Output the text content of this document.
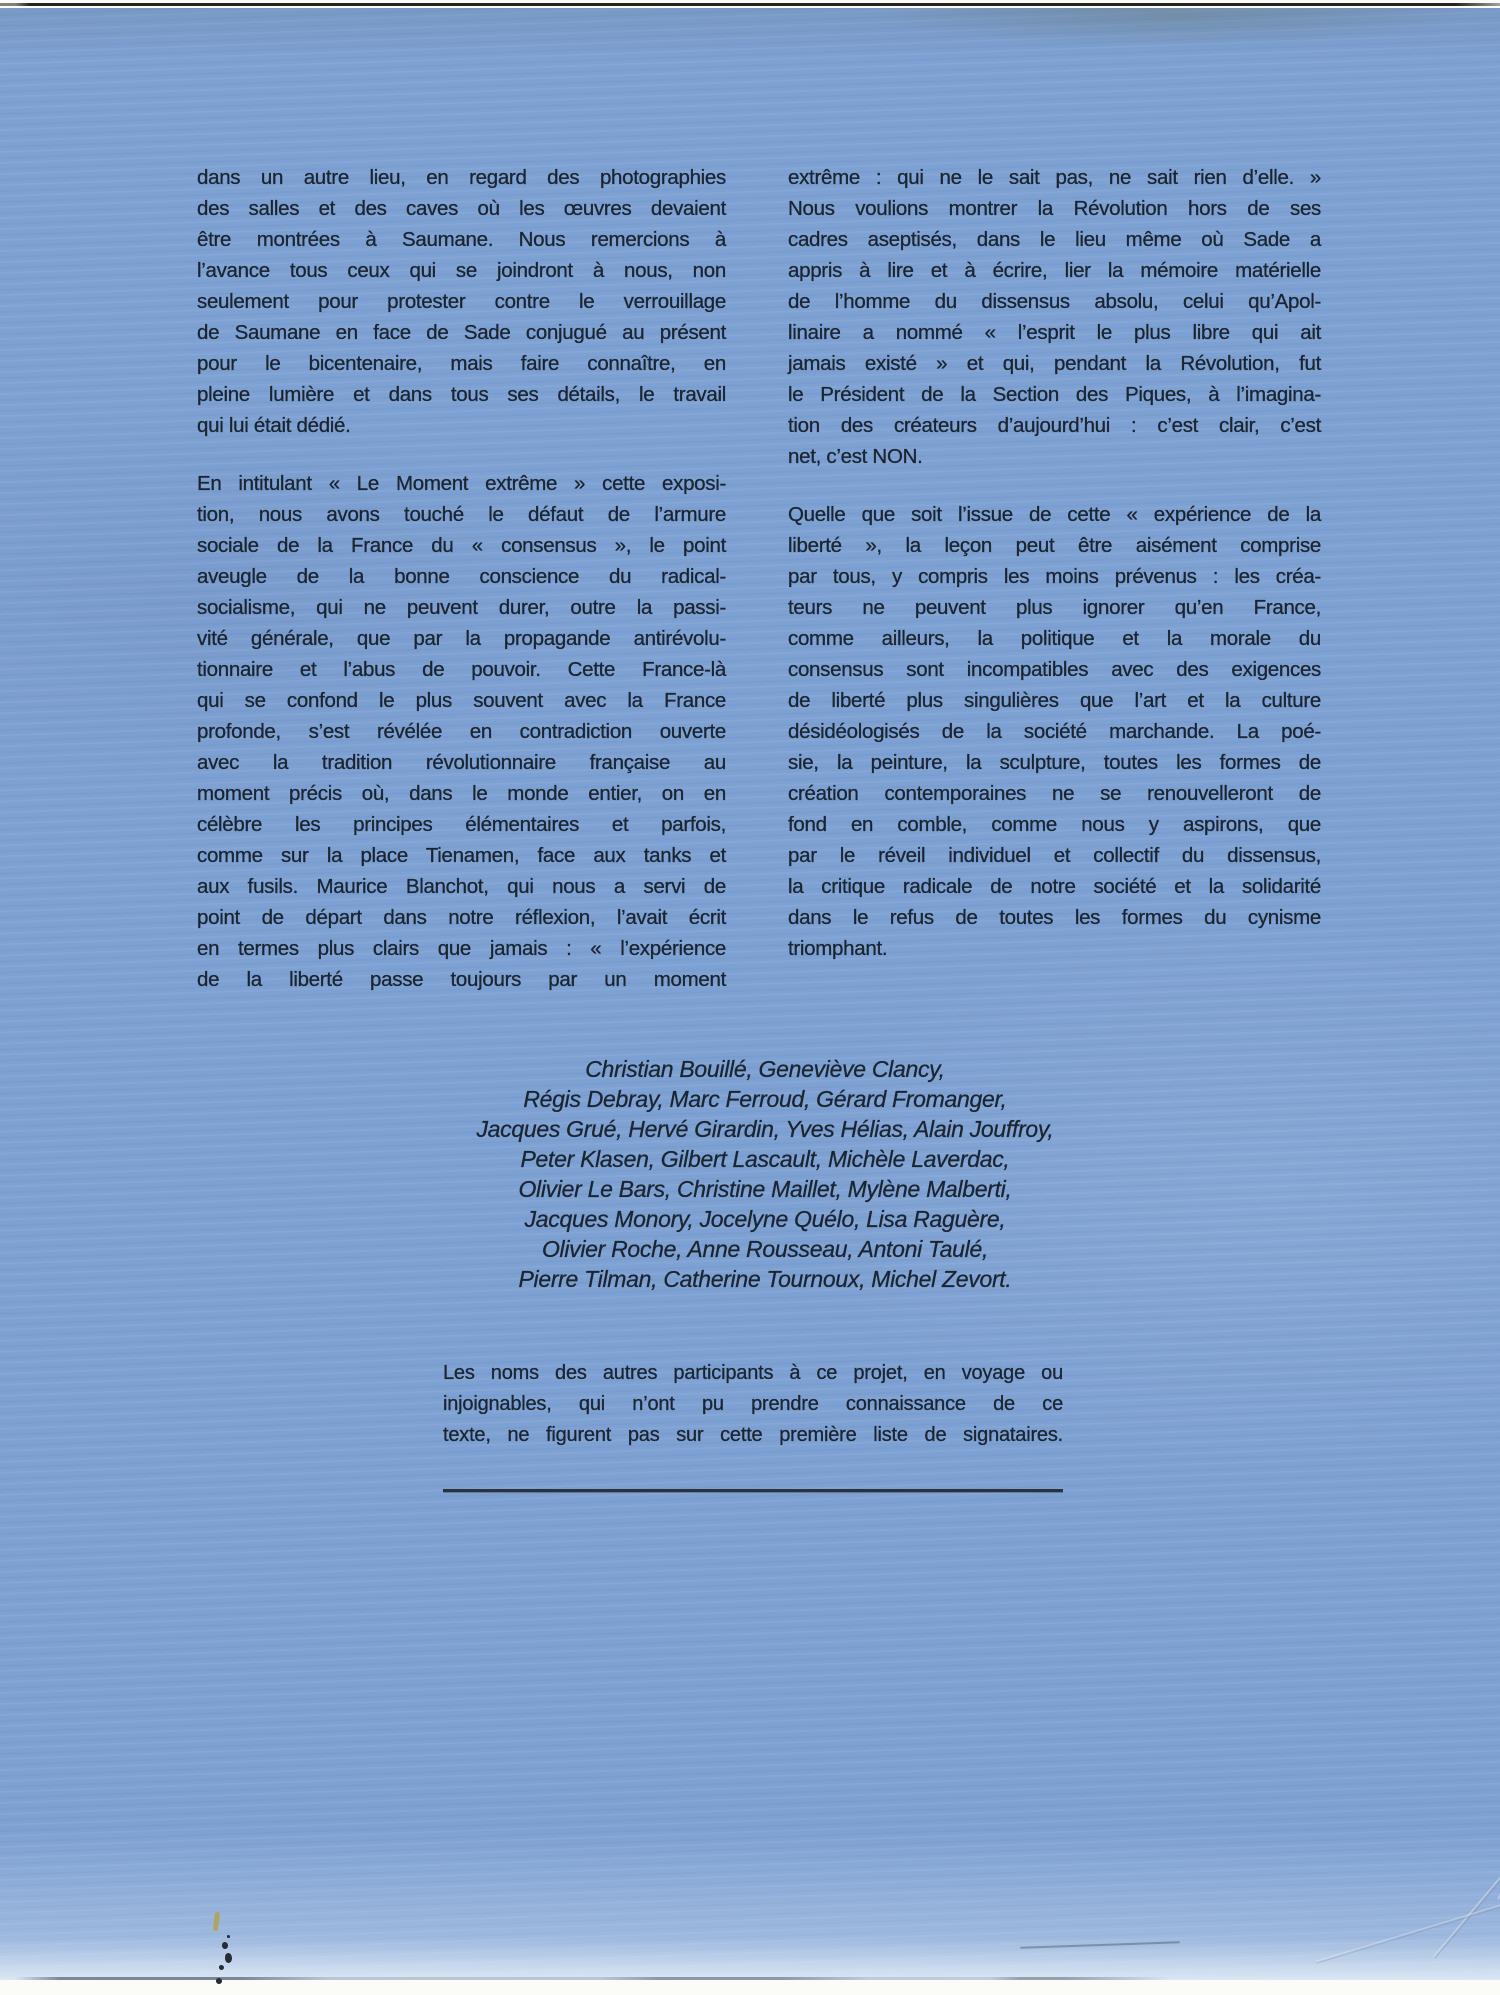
dans un autre lieu, en regard des photographies
des salles et des caves où les œuvres devaient
être montrées à Saumane. Nous remercions à
l’avance tous ceux qui se joindront à nous, non
seulement pour protester contre le verrouillage
de Saumane en face de Sade conjugué au présent
pour le bicentenaire, mais faire connaître, en
pleine lumière et dans tous ses détails, le travail
qui lui était dédié.
En intitulant « Le Moment extrême » cette exposi-
tion, nous avons touché le défaut de l’armure
sociale de la France du « consensus », le point
aveugle de la bonne conscience du radical-
socialisme, qui ne peuvent durer, outre la passi-
vité générale, que par la propagande antirévolu-
tionnaire et l’abus de pouvoir. Cette France-là
qui se confond le plus souvent avec la France
profonde, s’est révélée en contradiction ouverte
avec la tradition révolutionnaire française au
moment précis où, dans le monde entier, on en
célèbre les principes élémentaires et parfois,
comme sur la place Tienamen, face aux tanks et
aux fusils. Maurice Blanchot, qui nous a servi de
point de départ dans notre réflexion, l’avait écrit
en termes plus clairs que jamais : « l’expérience
de la liberté passe toujours par un moment
extrême : qui ne le sait pas, ne sait rien d’elle. »
Nous voulions montrer la Révolution hors de ses
cadres aseptisés, dans le lieu même où Sade a
appris à lire et à écrire, lier la mémoire matérielle
de l’homme du dissensus absolu, celui qu’Apol-
linaire a nommé « l’esprit le plus libre qui ait
jamais existé » et qui, pendant la Révolution, fut
le Président de la Section des Piques, à l’imagina-
tion des créateurs d’aujourd’hui : c’est clair, c’est
net, c’est NON.
Quelle que soit l’issue de cette « expérience de la
liberté », la leçon peut être aisément comprise
par tous, y compris les moins prévenus : les créa-
teurs ne peuvent plus ignorer qu’en France,
comme ailleurs, la politique et la morale du
consensus sont incompatibles avec des exigences
de liberté plus singulières que l’art et la culture
désidéologisés de la société marchande. La poé-
sie, la peinture, la sculpture, toutes les formes de
création contemporaines ne se renouvelleront de
fond en comble, comme nous y aspirons, que
par le réveil individuel et collectif du dissensus,
la critique radicale de notre société et la solidarité
dans le refus de toutes les formes du cynisme
triomphant.
Christian Bouillé, Geneviève Clancy,
Régis Debray, Marc Ferroud, Gérard Fromanger,
Jacques Grué, Hervé Girardin, Yves Hélias, Alain Jouffroy,
Peter Klasen, Gilbert Lascault, Michèle Laverdac,
Olivier Le Bars, Christine Maillet, Mylène Malberti,
Jacques Monory, Jocelyne Quélo, Lisa Raguère,
Olivier Roche, Anne Rousseau, Antoni Taulé,
Pierre Tilman, Catherine Tournoux, Michel Zevort.
Les noms des autres participants à ce projet, en voyage ou
injoignables, qui n’ont pu prendre connaissance de ce
texte, ne figurent pas sur cette première liste de signataires.
